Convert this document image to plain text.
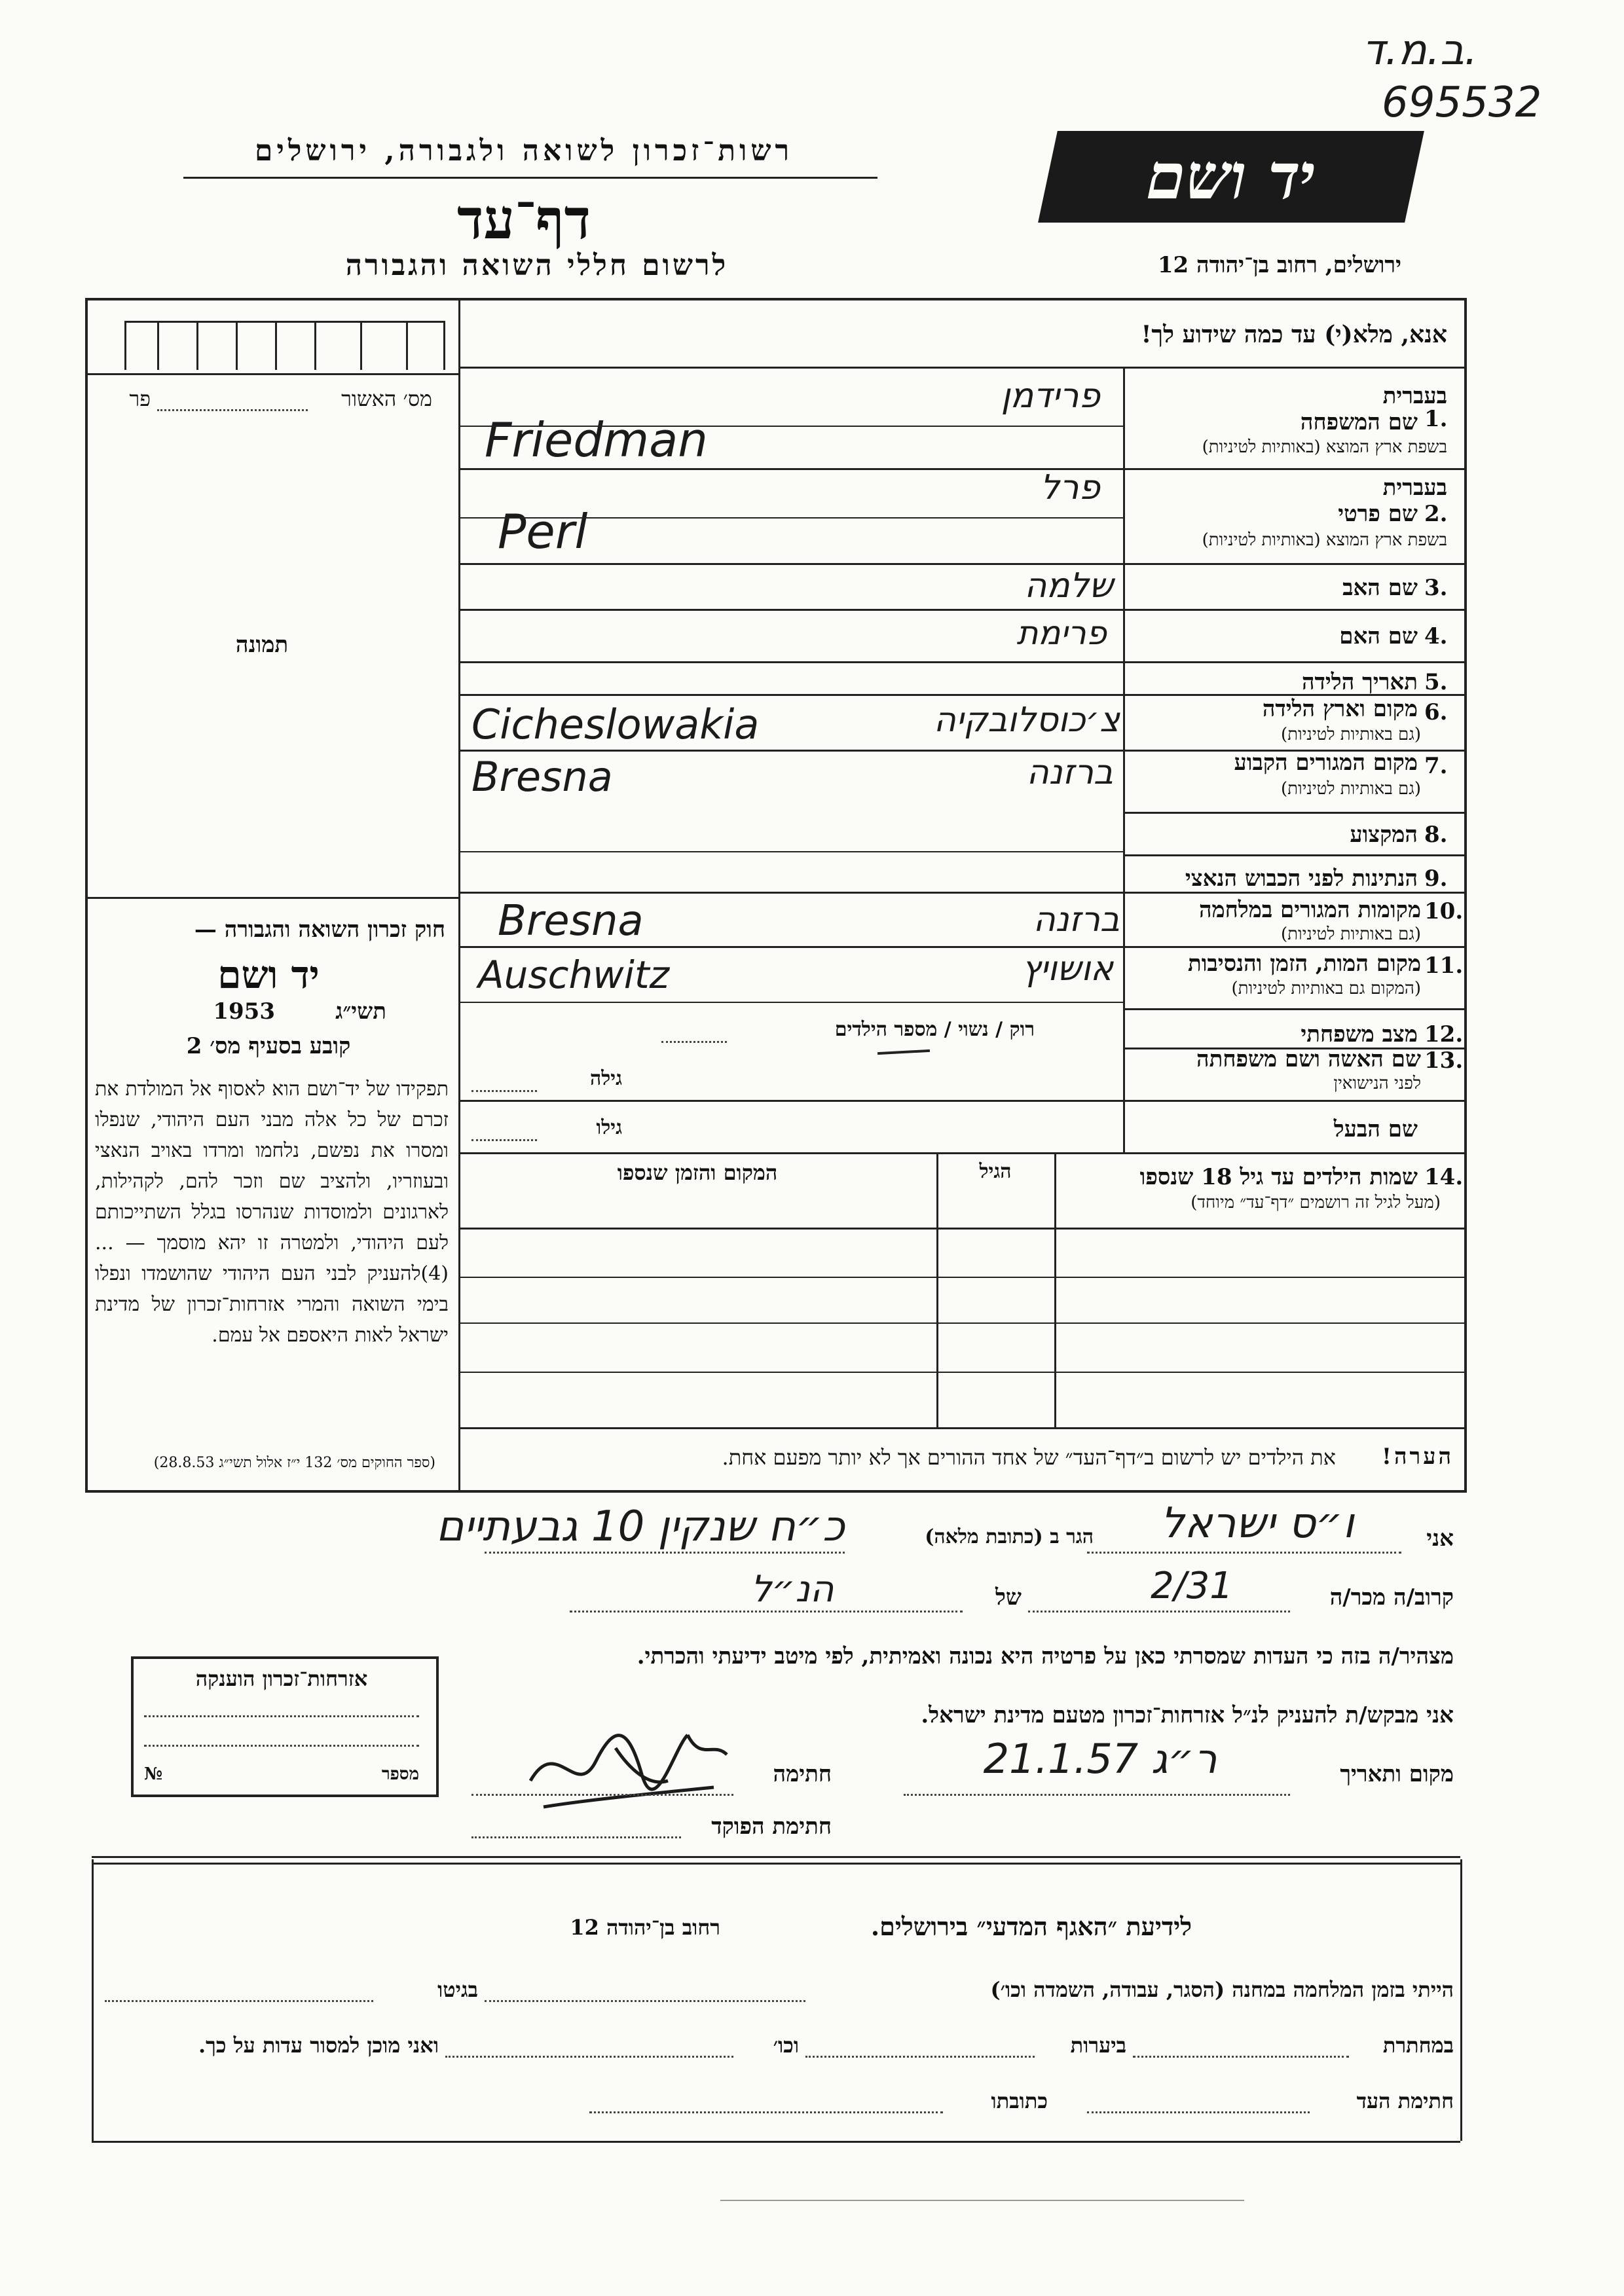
ב.מ.ד.
695532
רשות־זכרון לשואה ולגבורה, ירושלים
דף־עד
לרשום חללי השואה והגבורה
יד ושם
ירושלים, רחוב בן־יהודה 12
מס׳ האשור
פר
תמונה
חוק זכרון השואה והגבורה —
יד ושם
1953	תשי״ג
קובע בסעיף מס׳ 2
תפקידו של יד־ושם הוא לאסוף אל המולדת את זכרם של כל אלה מבני העם היהודי, שנפלו ומסרו את נפשם, נלחמו ומרדו באויב הנאצי ובעוזריו, ולהציב שם וזכר להם, לקהילות, לארגונים ולמוסדות שנהרסו בגלל השתייכותם לעם היהודי, ולמטרה זו יהא מוסמך — ...(4)להעניק לבני העם היהודי שהושמדו ונפלו בימי השואה והמרי אזרחות־זכרון של מדינת ישראל לאות היאספם אל עמם.
(ספר החוקים מס׳ 132 י״ז אלול תשי״ג 28.8.53)
אנא, מלא(י) עד כמה שידוע לך!
1.
בעברית
שם המשפחה
בשפת ארץ המוצא (באותיות לטיניות)
פרידמן
Friedman
2.
בעברית
שם פרטי
בשפת ארץ המוצא (באותיות לטיניות)
פרל
Perl
3.
שם האב
שלמה
4.
שם האם
פרימת
5.
תאריך הלידה
6.
מקום וארץ הלידה
(גם באותיות לטיניות)
צ׳כוסלובקיה
Cicheslowakia
7.
מקום המגורים הקבוע
(גם באותיות לטיניות)
ברזנה
Bresna
8.
המקצוע
9.
הנתינות לפני הכבוש הנאצי
10.
מקומות המגורים במלחמה
(גם באותיות לטיניות)
ברזנה
Bresna
11.
מקום המות, הזמן והנסיבות
(המקום גם באותיות לטיניות)
אושויץ
Auschwitz
12.
מצב משפחתי
רוק / נשוי / מספר הילדים
13.
שם האשה ושם משפחתה
לפני הנישואין
גילה
שם הבעל
גילו
14.
שמות הילדים עד גיל 18 שנספו
(מעל לגיל זה רושמים ״דף־עד״ מיוחד)
הגיל
המקום והזמן שנספו
הערה!
את הילדים יש לרשום ב״דף־העד״ של אחד ההורים אך לא יותר מפעם אחת.
אני
ו״ס ישראל
הגר ב (כתובת מלאה)
כ״ח שנקין 10 גבעתיים
קרוב/ה מכר/ה
2/31
של
הנ״ל
מצהיר/ה בזה כי העדות שמסרתי כאן על פרטיה היא נכונה ואמיתית, לפי מיטב ידיעתי והכרתי.
אני מבקש/ת להעניק לנ״ל אזרחות־זכרון מטעם מדינת ישראל.
מקום ותאריך
ר״ג 21.1.57
חתימה
חתימת הפוקד
אזרחות־זכרון הוענקה
מספר
№
לידיעת ״האגף המדעי״ בירושלים.
רחוב בן־יהודה 12
הייתי בזמן המלחמה במחנה (הסגר, עבודה, השמדה וכו׳)
בגיטו
במחתרת
ביערות
וכו׳
ואני מוכן למסור עדות על כך.
חתימת העד
כתובתו
